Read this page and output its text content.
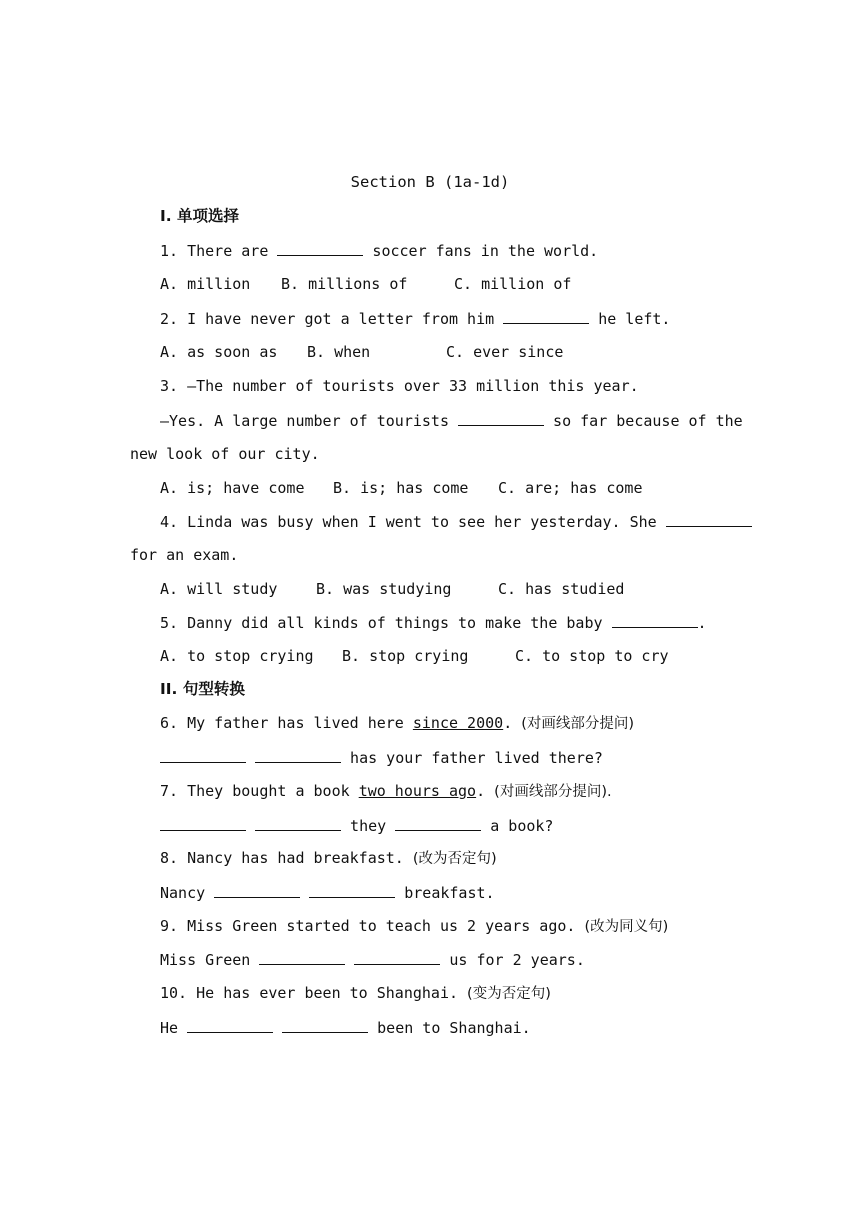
Section B (1a-1d)
I. 单项选择
1. There are	soccer fans in the world.
A. million B. millions of	C. million of
2. I have never got a letter from him	he left.
A. as soon as B. when	C. ever since
3. —The number of tourists over 33 million this year.
—Yes. A large number of tourists	so far because of the
new look of our city.
A. is; have come B. is; has come C. are; has come
4. Linda was busy when I went to see her yesterday. She
for an exam.
A. will study	B. was studying	C. has studied
5. Danny did all kinds of things to make the baby	.
A. to stop crying B. stop crying	C. to stop to cry
II. 句型转换
6. My father has lived here since 2000. (对画线部分提问)
has your father lived there?
7. They bought a book two hours ago. (对画线部分提问).
they	a book?
8. Nancy has had breakfast. (改为否定句)
Nancy	breakfast.
9. Miss Green started to teach us 2 years ago. (改为同义句)
Miss Green	us for 2 years.
10. He has ever been to Shanghai. (变为否定句)
He	been to Shanghai.
